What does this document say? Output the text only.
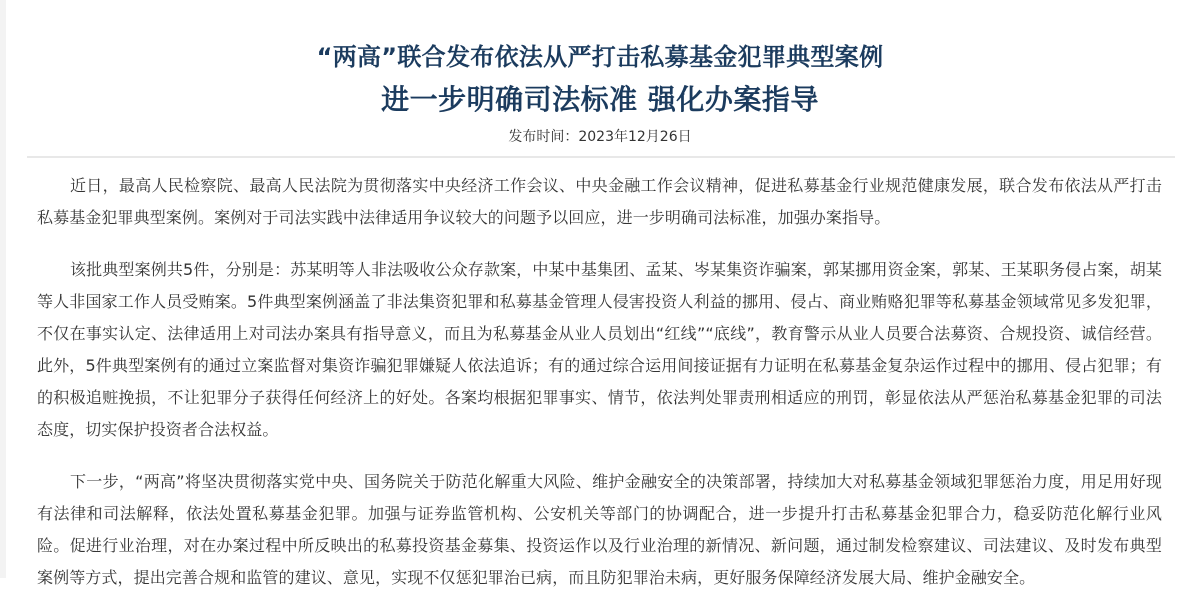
“两高”联合发布依法从严打击私募基金犯罪典型案例
进一步明确司法标准 强化办案指导
发布时间：2023年12月26日

近日，最高人民检察院、最高人民法院为贯彻落实中央经济工作会议、中央金融工作会议精神，促进私募基金行业规范健康发展，联合发布依法从严打击私募基金犯罪典型案例。案例对于司法实践中法律适用争议较大的问题予以回应，进一步明确司法标准，加强办案指导。

该批典型案例共5件，分别是：苏某明等人非法吸收公众存款案，中某中基集团、孟某、岑某集资诈骗案，郭某挪用资金案，郭某、王某职务侵占案，胡某等人非国家工作人员受贿案。5件典型案例涵盖了非法集资犯罪和私募基金管理人侵害投资人利益的挪用、侵占、商业贿赂犯罪等私募基金领域常见多发犯罪，不仅在事实认定、法律适用上对司法办案具有指导意义，而且为私募基金从业人员划出“红线”“底线”，教育警示从业人员要合法募资、合规投资、诚信经营。此外，5件典型案例有的通过立案监督对集资诈骗犯罪嫌疑人依法追诉；有的通过综合运用间接证据有力证明在私募基金复杂运作过程中的挪用、侵占犯罪；有的积极追赃挽损，不让犯罪分子获得任何经济上的好处。各案均根据犯罪事实、情节，依法判处罪责刑相适应的刑罚，彰显依法从严惩治私募基金犯罪的司法态度，切实保护投资者合法权益。

下一步，“两高”将坚决贯彻落实党中央、国务院关于防范化解重大风险、维护金融安全的决策部署，持续加大对私募基金领域犯罪惩治力度，用足用好现有法律和司法解释，依法处置私募基金犯罪。加强与证券监管机构、公安机关等部门的协调配合，进一步提升打击私募基金犯罪合力，稳妥防范化解行业风险。促进行业治理，对在办案过程中所反映出的私募投资基金募集、投资运作以及行业治理的新情况、新问题，通过制发检察建议、司法建议、及时发布典型案例等方式，提出完善合规和监管的建议、意见，实现不仅惩犯罪治已病，而且防犯罪治未病，更好服务保障经济发展大局、维护金融安全。
